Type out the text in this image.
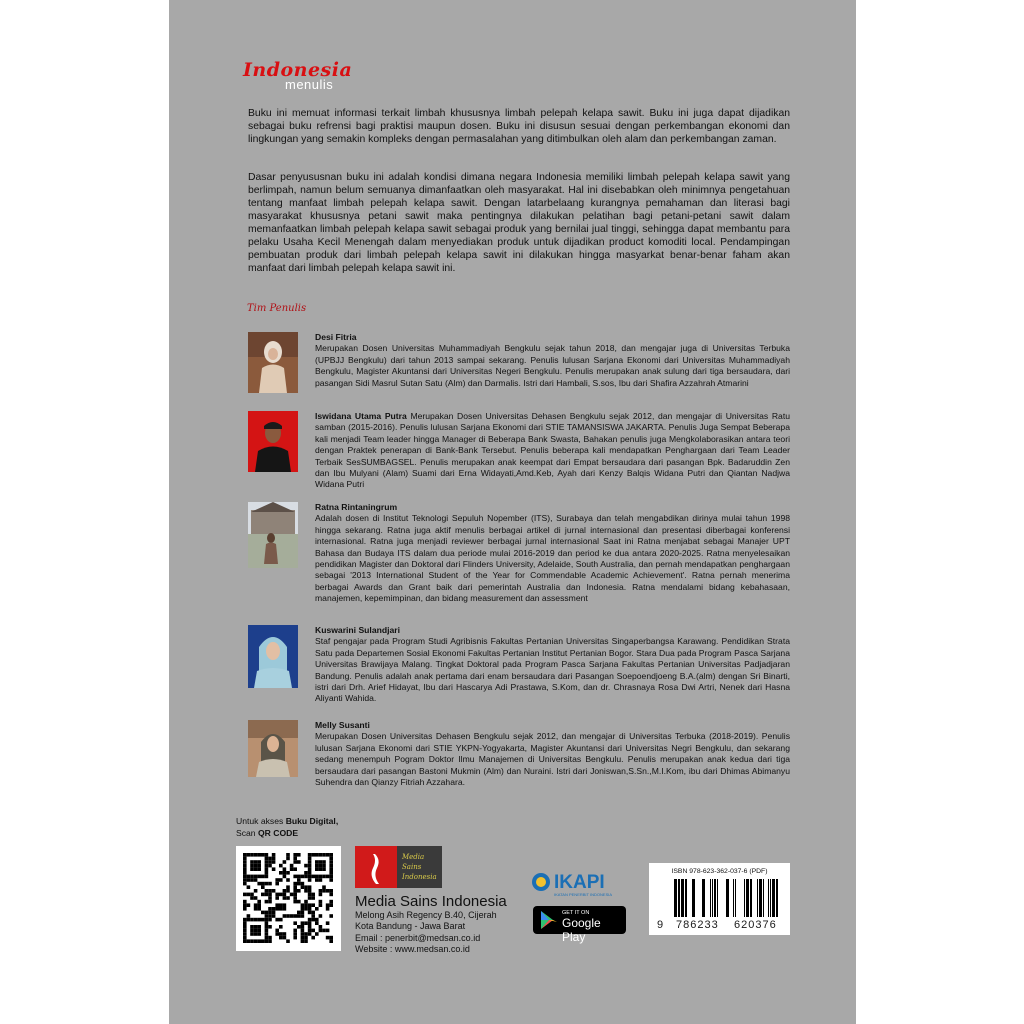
Indonesia
menulis

Buku ini memuat informasi terkait limbah khususnya limbah pelepah kelapa sawit. Buku ini juga dapat dijadikan sebagai buku refrensi bagi praktisi maupun dosen. Buku ini disusun sesuai dengan perkembangan ekonomi dan lingkungan yang semakin kompleks dengan permasalahan yang ditimbulkan oleh alam dan perkembangan zaman.

Dasar penyususnan buku ini adalah kondisi dimana negara Indonesia memiliki limbah pelepah kelapa sawit yang berlimpah, namun belum semuanya dimanfaatkan oleh masyarakat. Hal ini disebabkan oleh minimnya pengetahuan tentang manfaat limbah pelepah kelapa sawit. Dengan latarbelaang kurangnya pemahaman dan literasi bagi masyarakat khususnya petani sawit maka pentingnya dilakukan pelatihan bagi petani-petani sawit dalam memanfaatkan limbah pelepah kelapa sawit sebagai produk yang bernilai jual tinggi, sehingga dapat membantu para pelaku Usaha Kecil Menengah dalam menyediakan produk untuk dijadikan product komoditi local. Pendampingan pembuatan produk dari limbah pelepah kelapa sawit ini dilakukan hingga masyarkat benar-benar faham akan manfaat dari limbah pelepah kelapa sawit ini.

Tim Penulis

Desi Fitria

Merupakan Dosen Universitas Muhammadiyah Bengkulu sejak tahun 2018, dan mengajar juga di Universitas Terbuka (UPBJJ Bengkulu) dari tahun 2013 sampai sekarang. Penulis lulusan Sarjana Ekonomi dari Universitas Muhammadiyah Bengkulu, Magister Akuntansi dari Universitas Negeri Bengkulu. Penulis merupakan anak sulung dari tiga bersaudara, dari pasangan Sidi Masrul Sutan Satu (Alm) dan Darmalis. Istri dari Hambali, S.sos, Ibu dari Shafira Azzahrah Atmarini

Iswidana Utama Putra Merupakan Dosen Universitas Dehasen Bengkulu sejak 2012, dan mengajar di Universitas Ratu samban (2015-2016). Penulis lulusan Sarjana Ekonomi dari STIE TAMANSISWA JAKARTA. Penulis Juga Sempat Beberapa kali menjadi Team leader hingga Manager di Beberapa Bank Swasta, Bahakan penulis juga Mengkolaborasikan antara teori dengan Praktek penerapan di Bank-Bank Tersebut. Penulis beberapa kali mendapatkan Penghargaan dari Team Leader Terbaik SesSUMBAGSEL. Penulis merupakan anak keempat dari Empat bersaudara dari pasangan Bpk. Badaruddin Zen dan Ibu Mulyani (Alam) Suami dari Erna Widayati,Amd.Keb, Ayah dari Kenzy Balqis Widana Putri dan Qiantan Nadjwa Widana Putri

Ratna Rintaningrum

Adalah dosen di Institut Teknologi Sepuluh Nopember (ITS), Surabaya dan telah mengabdikan dirinya mulai tahun 1998 hingga sekarang. Ratna juga aktif menulis berbagai artikel di jurnal internasional dan presentasi diberbagai konferensi internasional. Ratna juga menjadi reviewer berbagai jurnal internasional Saat ini Ratna menjabat sebagai Manajer UPT Bahasa dan Budaya ITS dalam dua periode mulai 2016-2019 dan period ke dua antara 2020-2025. Ratna menyelesaikan pendidikan Magister dan Doktoral dari Flinders University, Adelaide, South Australia, dan pernah mendapatkan penghargaan sebagai '2013 International Student of the Year for Commendable Academic Achievement'. Ratna pernah menerima berbagai Awards dan Grant baik dari pemerintah Australia dan Indonesia. Ratna mendalami bidang kebahasaan, manajemen, kepemimpinan, dan bidang measurement dan assessment

Kuswarini Sulandjari

Staf pengajar pada Program Studi Agribisnis Fakultas Pertanian Universitas Singaperbangsa Karawang. Pendidikan Strata Satu pada Departemen Sosial Ekonomi Fakultas Pertanian Institut Pertanian Bogor. Stara Dua pada Program Pasca Sarjana Universitas Brawijaya Malang. Tingkat Doktoral pada Program Pasca Sarjana Fakultas Pertanian Universitas Padjadjaran Bandung. Penulis adalah anak pertama dari enam bersaudara dari Pasangan Soepoendjoeng B.A.(alm) dengan Sri Binarti, istri dari Drh. Arief Hidayat, Ibu dari Hascarya Adi Prastawa, S.Kom, dan dr. Chrasnaya Rosa Dwi Artri, Nenek dari Hasna Aliyanti Wahida.

Melly Susanti

Merupakan Dosen Universitas Dehasen Bengkulu sejak 2012, dan mengajar di Universitas Terbuka (2018-2019). Penulis lulusan Sarjana Ekonomi dari STIE YKPN-Yogyakarta, Magister Akuntansi dari Universitas Negri Bengkulu, dan sekarang sedang menempuh Pogram Doktor Ilmu Manajemen di Universitas Bengkulu. Penulis merupakan anak kedua dari tiga bersaudara dari pasangan Bastoni Mukmin (Alm) dan Nuraini. Istri dari Joniswan,S.Sn.,M.I.Kom, ibu dari Dhimas Abimanyu Suhendra dan Qianzy Fitriah Azzahara.

Untuk akses Buku Digital,
Scan QR CODE
Media
Sains
Indonesia
Media Sains Indonesia
Melong Asih Regency B.40, Cijerah
Kota Bandung - Jawa Barat
Email : penerbit@medsan.co.id
Website : www.medsan.co.id
IKAPI
IKATAN PENERBIT INDONESIA
GET IT ON
Google Play
ISBN 978-623-362-037-6 (PDF)
9 786233 620376
